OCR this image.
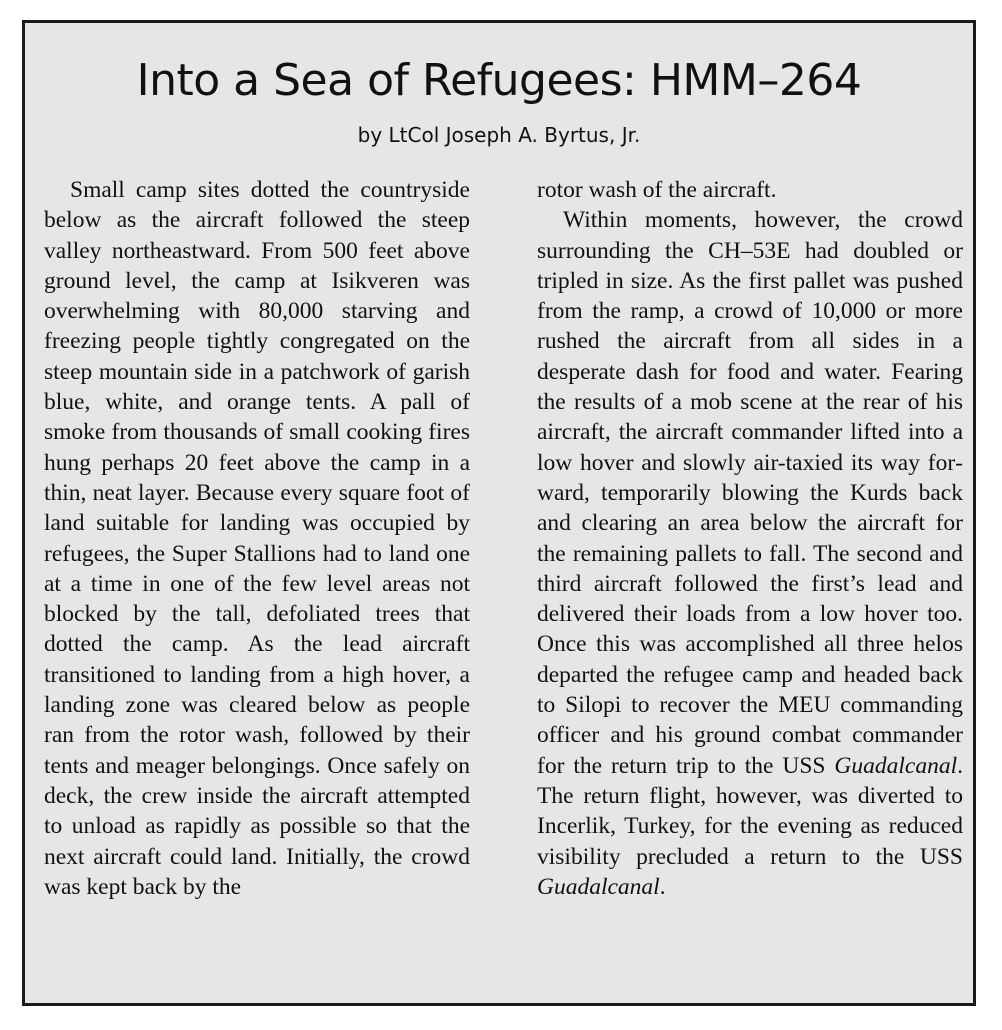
Into a Sea of Refugees: HMM–264
by LtCol Joseph A. Byrtus, Jr.

Small camp sites dotted the countryside below as the aircraft followed the steep valley northeastward. From 500 feet above ground level, the camp at Isikveren was overwhelming with 80,000 starving and freezing people tightly congregated on the steep mountain side in a patchwork of garish blue, white, and orange tents. A pall of smoke from thousands of small cooking fires hung perhaps 20 feet above the camp in a thin, neat layer. Because every square foot of land suitable for landing was occupied by refugees, the Super Stallions had to land one at a time in one of the few level areas not blocked by the tall, defoliated trees that dotted the camp. As the lead aircraft transitioned to landing from a high hover, a landing zone was cleared below as people ran from the rotor wash, followed by their tents and meager belongings. Once safely on deck, the crew inside the aircraft attempted to unload as rapidly as possible so that the next aircraft could land. Initially, the crowd was kept back by the

rotor wash of the aircraft.

Within moments, however, the crowd surrounding the CH–53E had doubled or tripled in size. As the first pallet was pushed from the ramp, a crowd of 10,000 or more rushed the aircraft from all sides in a desperate dash for food and water. Fearing the results of a mob scene at the rear of his aircraft, the aircraft commander lifted into a low hover and slowly air-taxied its way forward, temporarily blowing the Kurds back and clearing an area below the aircraft for the remaining pallets to fall. The second and third aircraft followed the first’s lead and delivered their loads from a low hover too. Once this was accomplished all three helos departed the refugee camp and headed back to Silopi to recover the MEU commanding officer and his ground combat commander for the return trip to the USS Guadalcanal. The return flight, however, was diverted to Incerlik, Turkey, for the evening as reduced visibility precluded a return to the USS Guadalcanal.
